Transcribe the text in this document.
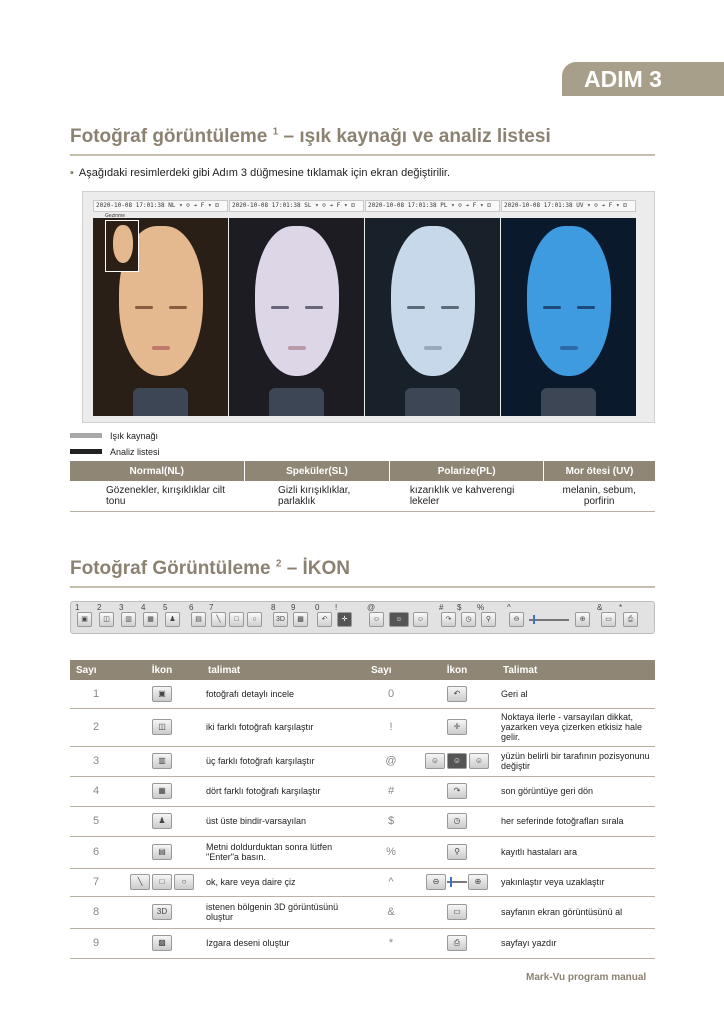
ADIM 3
Fotoğraf görüntüleme $^1$ – ışık kaynağı ve analiz listesi
▪ Aşağıdaki resimlerdeki gibi Adım 3 düğmesine tıklamak için ekran değiştirilir.
2020-10-08 17:01:38 NL ▾ ⊙ ➔ F ▾ ⊡
Gezinme
2020-10-08 17:01:38 SL ▾ ⊙ ➔ F ▾ ⊡	2020-10-08 17:01:38 PL ▾ ⊙ ➔ F ▾ ⊡	2020-10-08 17:01:38 UV ▾ ⊙ ➔ F ▾ ⊡
Işık kaynağı
Analiz listesi
Normal(NL)	Speküler(SL)	Polarize(PL)	Mor ötesi (UV)
Gözenekler, kırışıklıklar cilt tonu	Gizli kırışıklıklar, parlaklık	kızarıklık ve kahverengi lekeler	melanin, sebum, porfirin
Fotoğraf Görüntüleme $^2$ – İKON
1
▣
2
◫
3
▥
4
▦
5
♟
6
▤
7
╲	□	○
8
3D
9
▩
0
↶
!
✛
@
☺	☺	☺
#
↷
$
◷
%
⚲
^
⊖	⊕
&
▭
*
⎙
Sayı	İkon	talimat	Sayı	İkon	Talimat
1	▣	fotoğrafı detaylı incele	0	↶	Geri al
2	◫	iki farklı fotoğrafı karşılaştır	!	✛	Noktaya ilerle - varsayılan dikkat, yazarken veya çizerken etkisiz hale gelir.
3	▥	üç farklı fotoğrafı karşılaştır	@	☺ ☺ ☺	yüzün belirli bir tarafının pozisyonunu değiştir
4	▦	dört farklı fotoğrafı karşılaştır	#	↷	son görüntüye geri dön
5	♟	üst üste bindir-varsayılan	$	◷	her seferinde fotoğrafları sırala
6	▤	Metni doldurduktan sonra lütfen "Enter"a basın.	%	⚲	kayıtlı hastaları ara
7	╲ □ ○	ok, kare veya daire çiz	^	⊖ ⊕	yakınlaştır veya uzaklaştır
8	3D	istenen bölgenin 3D görüntüsünü oluştur	&	▭	sayfanın ekran görüntüsünü al
9	▩	Izgara deseni oluştur	*	⎙	sayfayı yazdır
Mark-Vu program manual
